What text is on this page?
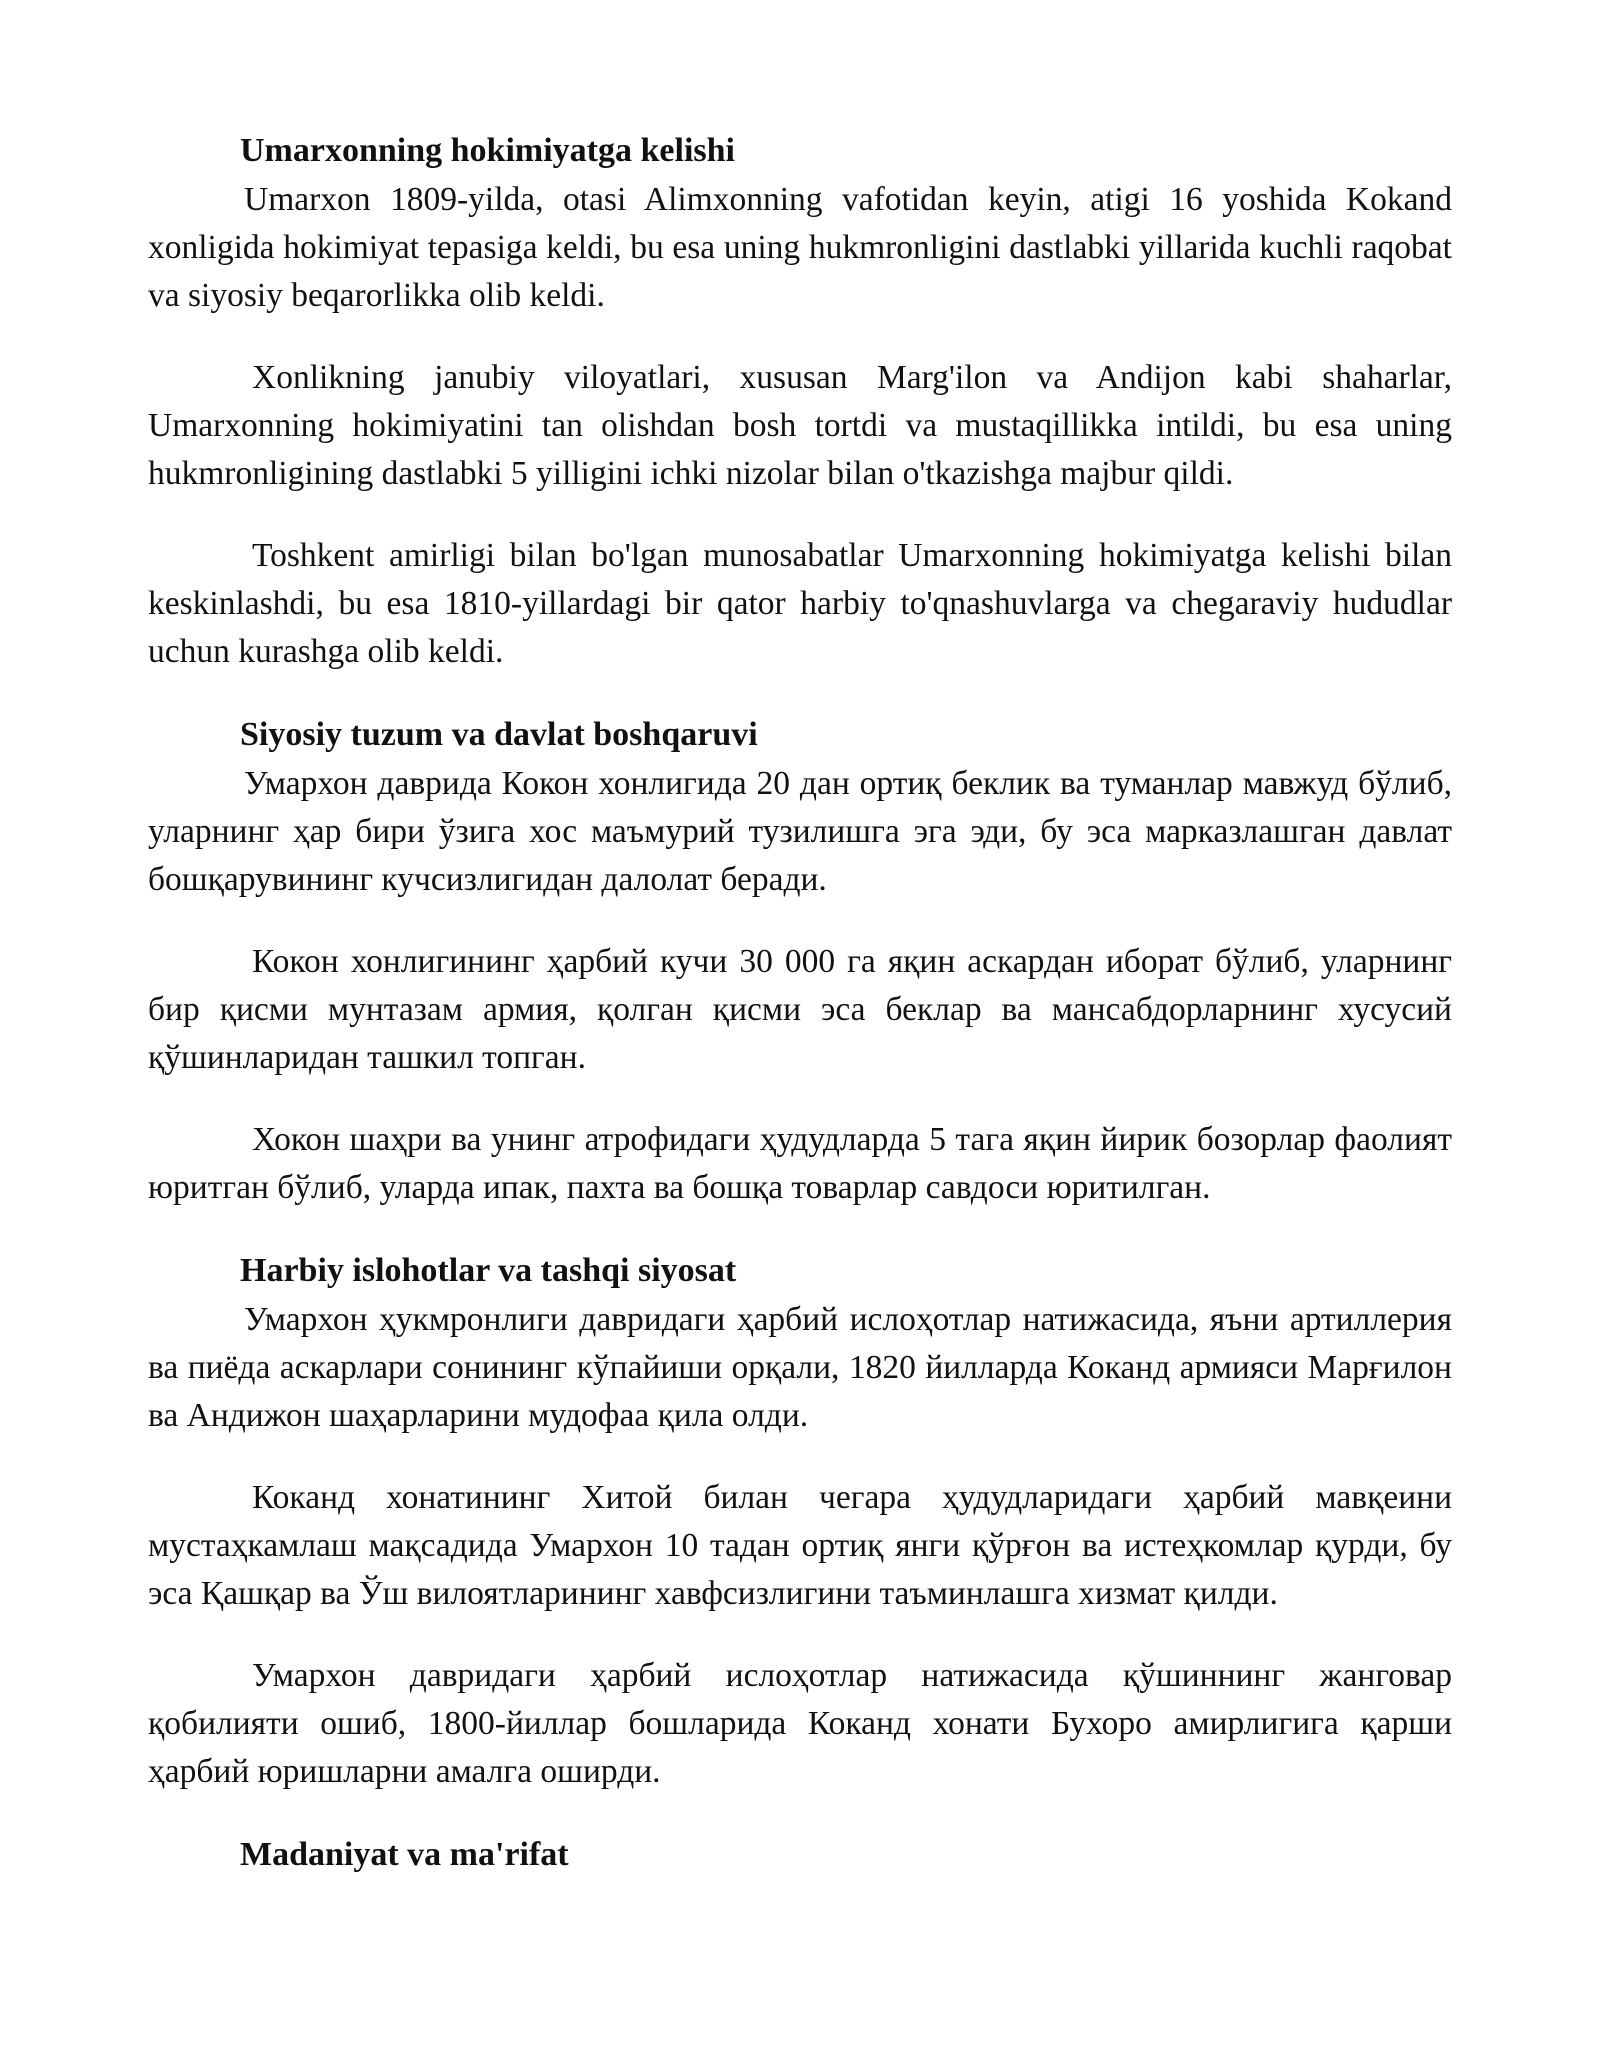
Umarxonning hokimiyatga kelishi

Umarxon 1809-yilda, otasi Alimxonning vafotidan keyin, atigi 16 yoshida Kokand xonligida hokimiyat tepasiga keldi, bu esa uning hukmronligini dastlabki yillarida kuchli raqobat va siyosiy beqarorlikka olib keldi.

Xonlikning janubiy viloyatlari, xususan Marg'ilon va Andijon kabi shaharlar, Umarxonning hokimiyatini tan olishdan bosh tortdi va mustaqillikka intildi, bu esa uning hukmronligining dastlabki 5 yilligini ichki nizolar bilan o'tkazishga majbur qildi.

Toshkent amirligi bilan bo'lgan munosabatlar Umarxonning hokimiyatga kelishi bilan keskinlashdi, bu esa 1810-yillardagi bir qator harbiy to'qnashuvlarga va chegaraviy hududlar uchun kurashga olib keldi.

Siyosiy tuzum va davlat boshqaruvi

Умархон даврида Кокон хонлигида 20 дан ортиқ беклик ва туманлар мавжуд бўлиб, уларнинг ҳар бири ўзига хос маъмурий тузилишга эга эди, бу эса марказлашган давлат бошқарувининг кучсизлигидан далолат беради.

Кокон хонлигининг ҳарбий кучи 30 000 га яқин аскардан иборат бўлиб, уларнинг бир қисми мунтазам армия, қолган қисми эса беклар ва мансабдорларнинг хусусий қўшинларидан ташкил топган.

Хокон шаҳри ва унинг атрофидаги ҳудудларда 5 тага яқин йирик бозорлар фаолият юритган бўлиб, уларда ипак, пахта ва бошқа товарлар савдоси юритилган.

Harbiy islohotlar va tashqi siyosat

Умархон ҳукмронлиги давридаги ҳарбий ислоҳотлар натижасида, яъни артиллерия ва пиёда аскарлари сонининг кўпайиши орқали, 1820 йилларда Коканд армияси Марғилон ва Андижон шаҳарларини мудофаа қила олди.

Коканд хонатининг Хитой билан чегара ҳудудларидаги ҳарбий мавқеини мустаҳкамлаш мақсадида Умархон 10 тадан ортиқ янги қўрғон ва истеҳкомлар қурди, бу эса Қашқар ва Ўш вилоятларининг хавфсизлигини таъминлашга хизмат қилди.

Умархон давридаги ҳарбий ислоҳотлар натижасида қўшиннинг жанговар қобилияти ошиб, 1800-йиллар бошларида Коканд хонати Бухоро амирлигига қарши ҳарбий юришларни амалга оширди.

Madaniyat va ma'rifat
